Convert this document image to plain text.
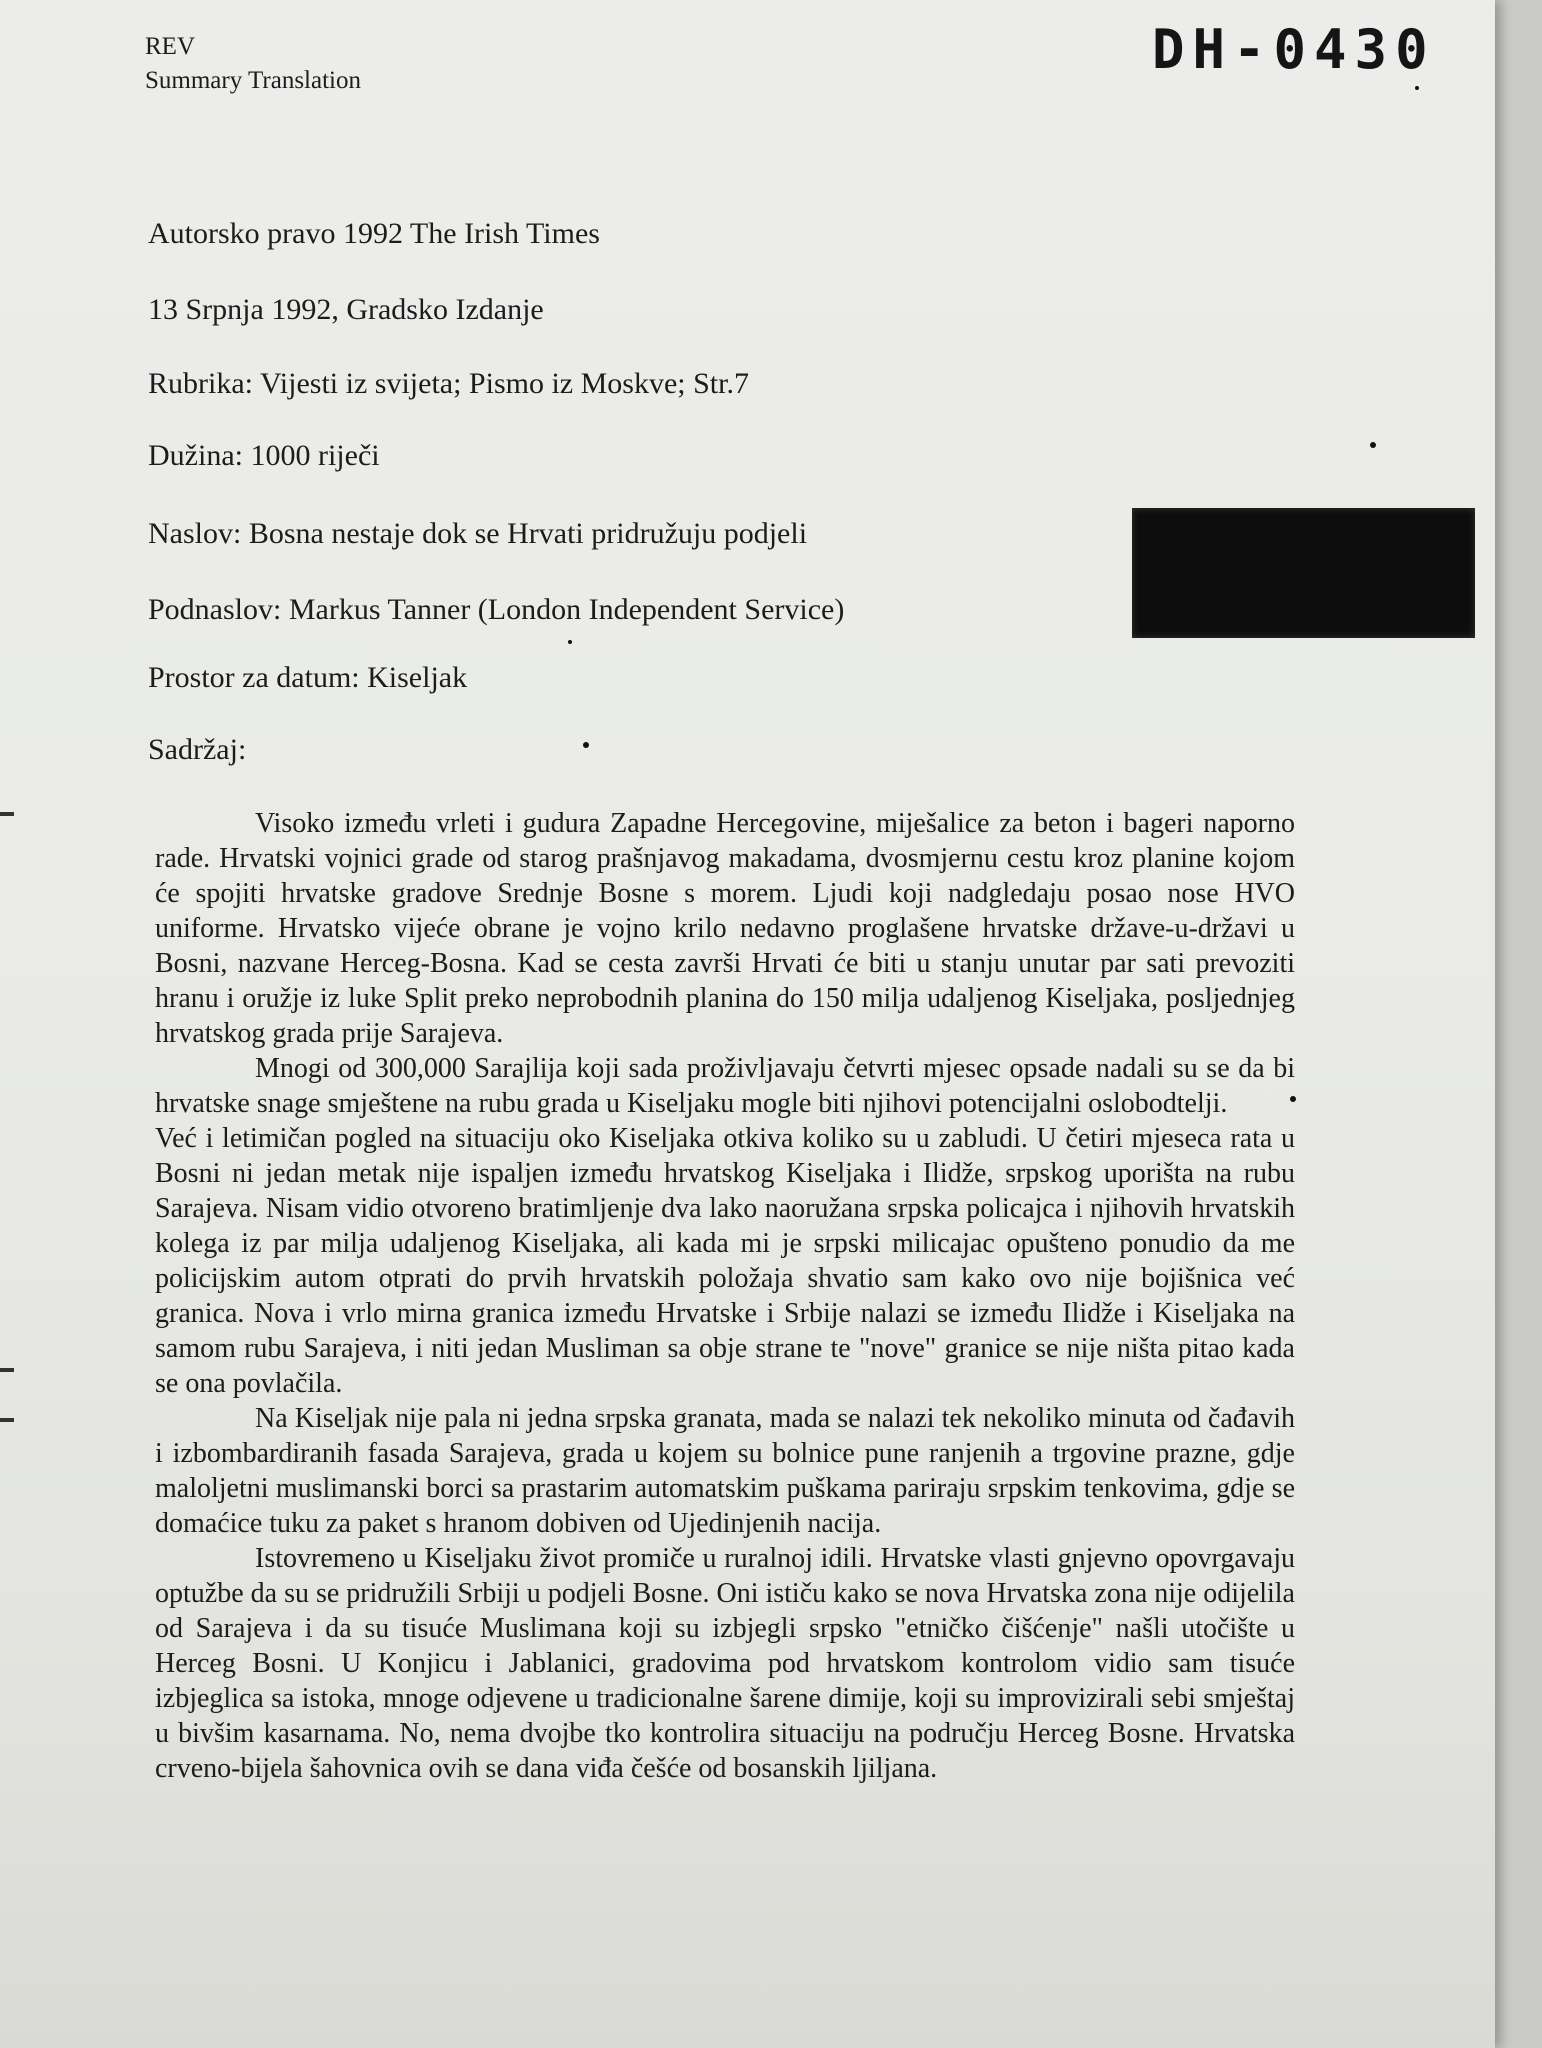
REV
Summary Translation	DH-0430
Autorsko pravo 1992 The Irish Times
13 Srpnja 1992, Gradsko Izdanje
Rubrika: Vijesti iz svijeta; Pismo iz Moskve; Str.7
Dužina: 1000 riječi
Naslov: Bosna nestaje dok se Hrvati pridružuju podjeli
Podnaslov: Markus Tanner (London Independent Service)
Prostor za datum: Kiseljak
Sadržaj:

Visoko između vrleti i gudura Zapadne Hercegovine, miješalice za beton i bageri naporno rade. Hrvatski vojnici grade od starog prašnjavog makadama, dvosmjernu cestu kroz planine kojom će spojiti hrvatske gradove Srednje Bosne s morem. Ljudi koji nadgledaju posao nose HVO uniforme. Hrvatsko vijeće obrane je vojno krilo nedavno proglašene hrvatske države-u-državi u Bosni, nazvane Herceg-Bosna. Kad se cesta završi Hrvati će biti u stanju unutar par sati prevoziti hranu i oružje iz luke Split preko neprobodnih planina do 150 milja udaljenog Kiseljaka, posljednjeg hrvatskog grada prije Sarajeva.

Mnogi od 300,000 Sarajlija koji sada proživljavaju četvrti mjesec opsade nadali su se da bi hrvatske snage smještene na rubu grada u Kiseljaku mogle biti njihovi potencijalni oslobodtelji.

Već i letimičan pogled na situaciju oko Kiseljaka otkiva koliko su u zabludi. U četiri mjeseca rata u Bosni ni jedan metak nije ispaljen između hrvatskog Kiseljaka i Ilidže, srpskog uporišta na rubu Sarajeva. Nisam vidio otvoreno bratimljenje dva lako naoružana srpska policajca i njihovih hrvatskih kolega iz par milja udaljenog Kiseljaka, ali kada mi je srpski milicajac opušteno ponudio da me policijskim autom otprati do prvih hrvatskih položaja shvatio sam kako ovo nije bojišnica već granica. Nova i vrlo mirna granica između Hrvatske i Srbije nalazi se između Ilidže i Kiseljaka na samom rubu Sarajeva, i niti jedan Musliman sa obje strane te "nove" granice se nije ništa pitao kada se ona povlačila.

Na Kiseljak nije pala ni jedna srpska granata, mada se nalazi tek nekoliko minuta od čađavih i izbombardiranih fasada Sarajeva, grada u kojem su bolnice pune ranjenih a trgovine prazne, gdje maloljetni muslimanski borci sa prastarim automatskim puškama pariraju srpskim tenkovima, gdje se domaćice tuku za paket s hranom dobiven od Ujedinjenih nacija.

Istovremeno u Kiseljaku život promiče u ruralnoj idili. Hrvatske vlasti gnjevno opovrgavaju optužbe da su se pridružili Srbiji u podjeli Bosne. Oni ističu kako se nova Hrvatska zona nije odijelila od Sarajeva i da su tisuće Muslimana koji su izbjegli srpsko "etničko čišćenje" našli utočište u Herceg Bosni. U Konjicu i Jablanici, gradovima pod hrvatskom kontrolom vidio sam tisuće izbjeglica sa istoka, mnoge odjevene u tradicionalne šarene dimije, koji su improvizirali sebi smještaj u bivšim kasarnama. No, nema dvojbe tko kontrolira situaciju na području Herceg Bosne. Hrvatska crveno-bijela šahovnica ovih se dana viđa češće od bosanskih ljiljana.
